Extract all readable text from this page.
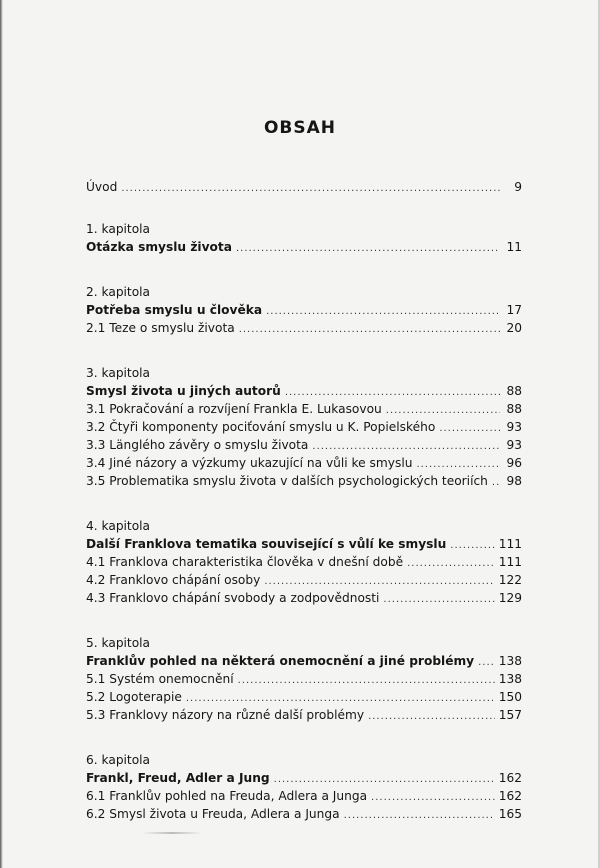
OBSAH
Úvod .....	9
1. kapitola
Otázka smyslu života .....	11
2. kapitola
Potřeba smyslu u člověka .....	17
2.1 Teze o smyslu života .....	20
3. kapitola
Smysl života u jiných autorů .....	88
3.1 Pokračování a rozvíjení Frankla E. Lukasovou .....	88
3.2 Čtyři komponenty pociťování smyslu u K. Popielského .....	93
3.3 Länglého závěry o smyslu života .....	93
3.4 Jiné názory a výzkumy ukazující na vůli ke smyslu .....	96
3.5 Problematika smyslu života v dalších psychologických teoriích ..... 98
4. kapitola
Další Franklova tematika související s vůlí ke smyslu .....	111
4.1 Franklova charakteristika člověka v dnešní době .....	111
4.2 Franklovo chápání osoby .....	122
4.3 Franklovo chápání svobody a zodpovědnosti .....	129
5. kapitola
Franklův pohled na některá onemocnění a jiné problémy ..... 138
5.1 Systém onemocnění .....	138
5.2 Logoterapie .....	150
5.3 Franklovy názory na různé další problémy .....	157
6. kapitola
Frankl, Freud, Adler a Jung .....	162
6.1 Franklův pohled na Freuda, Adlera a Junga .....	162
6.2 Smysl života u Freuda, Adlera a Junga .....	165
